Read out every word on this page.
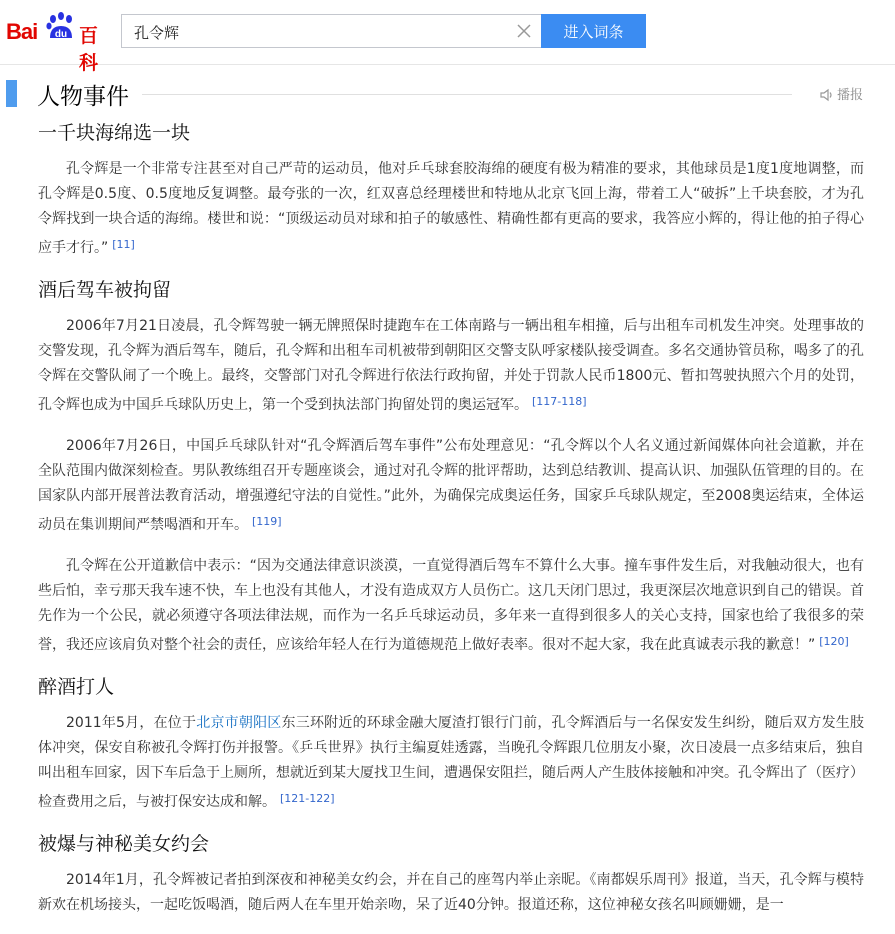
Bai du 百科
孔令辉
进入词条
人物事件	播报
一千块海绵选一块

孔令辉是一个非常专注甚至对自己严苛的运动员，他对乒乓球套胶海绵的硬度有极为精准的要求，其他球员是1度1度地调整，而孔令辉是0.5度、0.5度地反复调整。最夸张的一次，红双喜总经理楼世和特地从北京飞回上海，带着工人“破拆”上千块套胶，才为孔令辉找到一块合适的海绵。楼世和说：“顶级运动员对球和拍子的敏感性、精确性都有更高的要求，我答应小辉的，得让他的拍子得心应手才行。” [11]

酒后驾车被拘留

2006年7月21日凌晨，孔令辉驾驶一辆无牌照保时捷跑车在工体南路与一辆出租车相撞，后与出租车司机发生冲突。处理事故的交警发现，孔令辉为酒后驾车，随后，孔令辉和出租车司机被带到朝阳区交警支队呼家楼队接受调查。多名交通协管员称，喝多了的孔令辉在交警队闹了一个晚上。最终，交警部门对孔令辉进行依法行政拘留，并处于罚款人民币1800元、暂扣驾驶执照六个月的处罚，孔令辉也成为中国乒乓球队历史上，第一个受到执法部门拘留处罚的奥运冠军。 [117-118]

2006年7月26日，中国乒乓球队针对“孔令辉酒后驾车事件”公布处理意见：“孔令辉以个人名义通过新闻媒体向社会道歉，并在全队范围内做深刻检查。男队教练组召开专题座谈会，通过对孔令辉的批评帮助，达到总结教训、提高认识、加强队伍管理的目的。在国家队内部开展普法教育活动，增强遵纪守法的自觉性。”此外，为确保完成奥运任务，国家乒乓球队规定，至2008奥运结束，全体运动员在集训期间严禁喝酒和开车。 [119]

孔令辉在公开道歉信中表示：“因为交通法律意识淡漠，一直觉得酒后驾车不算什么大事。撞车事件发生后，对我触动很大，也有些后怕，幸亏那天我车速不快，车上也没有其他人，才没有造成双方人员伤亡。这几天闭门思过，我更深层次地意识到自己的错误。首先作为一个公民，就必须遵守各项法律法规，而作为一名乒乓球运动员，多年来一直得到很多人的关心支持，国家也给了我很多的荣誉，我还应该肩负对整个社会的责任，应该给年轻人在行为道德规范上做好表率。很对不起大家，我在此真诚表示我的歉意！” [120]

醉酒打人

2011年5月，在位于北京市朝阳区东三环附近的环球金融大厦渣打银行门前，孔令辉酒后与一名保安发生纠纷，随后双方发生肢体冲突，保安自称被孔令辉打伤并报警。《乒乓世界》执行主编夏娃透露，当晚孔令辉跟几位朋友小聚，次日凌晨一点多结束后，独自叫出租车回家，因下车后急于上厕所，想就近到某大厦找卫生间，遭遇保安阻拦，随后两人产生肢体接触和冲突。孔令辉出了（医疗）检查费用之后，与被打保安达成和解。 [121-122]

被爆与神秘美女约会

2014年1月，孔令辉被记者拍到深夜和神秘美女约会，并在自己的座驾内举止亲昵。《南都娱乐周刊》报道，当天，孔令辉与模特新欢在机场接头，一起吃饭喝酒，随后两人在车里开始亲吻，呆了近40分钟。报道还称，这位神秘女孩名叫顾姗姗，是一
